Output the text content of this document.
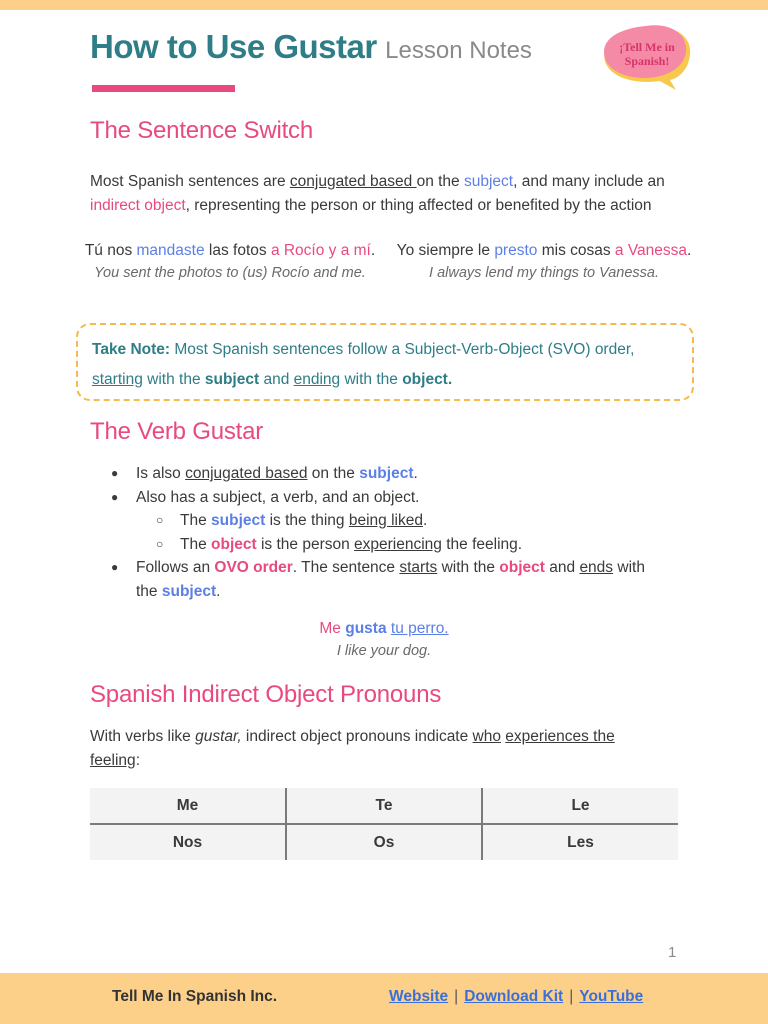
How to Use Gustar Lesson Notes	¡Tell Me in
Spanish!
The Sentence Switch
Most Spanish sentences are conjugated based on the subject, and many include an
indirect object, representing the person or thing affected or benefited by the action
Tú nos mandaste las fotos a Rocío y a mí.
You sent the photos to (us) Rocío and me.
Yo siempre le presto mis cosas a Vanessa.
I always lend my things to Vanessa.
Take Note: Most Spanish sentences follow a Subject-Verb-Object (SVO) order,
starting with the subject and ending with the object.
The Verb Gustar
● Is also conjugated based on the subject.
● Also has a subject, a verb, and an object.
○ The subject is the thing being liked.
○ The object is the person experiencing the feeling.
● Follows an OVO order. The sentence starts with the object and ends with
the subject.
Me gusta tu perro.
I like your dog.
Spanish Indirect Object Pronouns
With verbs like gustar, indirect object pronouns indicate who experiences the
feeling:
Me	Te	Le
Nos	Os	Les
1
Tell Me In Spanish Inc.	Website | Download Kit | YouTube
